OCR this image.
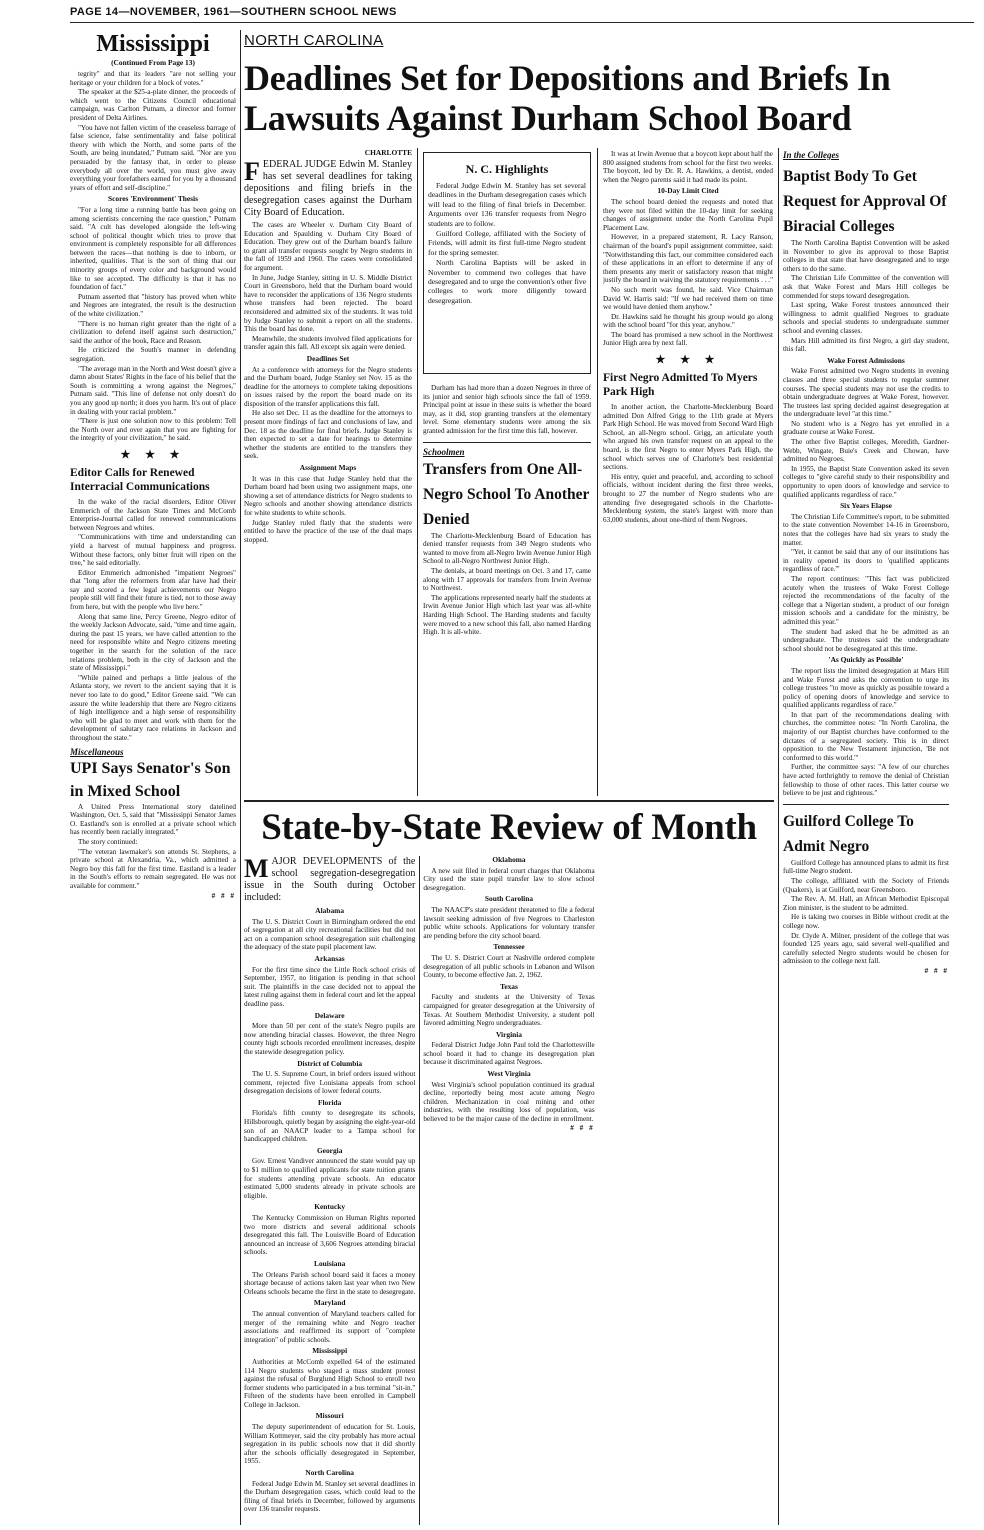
PAGE 14—NOVEMBER, 1961—SOUTHERN SCHOOL NEWS
Mississippi
(Continued From Page 13)

tegrity" and that its leaders "are not selling your heritage or your children for a block of votes."

The speaker at the $25-a-plate dinner, the proceeds of which went to the Citizens Council educational campaign, was Carlton Putnam, a director and former president of Delta Airlines.

"You have not fallen victim of the ceaseless barrage of false science, false sentimentality and false political theory with which the North, and some parts of the South, are being inundated," Putnam said. "Nor are you persuaded by the fantasy that, in order to please everybody all over the world, you must give away everything your forefathers earned for you by a thousand years of effort and self-discipline."

Scores 'Environment' Thesis

"For a long time a running battle has been going on among scientists concerning the race question," Putnam said. "A cult has developed alongside the left-wing school of political thought which tries to prove that environment is completely responsible for all differences between the races—that nothing is due to inborn, or inherited, qualities. That is the sort of thing that our minority groups of every color and background would like to see accepted. The difficulty is that it has no foundation of fact."

Putnam asserted that "history has proved when white and Negroes are integrated, the result is the destruction of the white civilization."

"There is no human right greater than the right of a civilization to defend itself against such destruction," said the author of the book, Race and Reason.

He criticized the South's manner in defending segregation.

"The average man in the North and West doesn't give a damn about States' Rights in the face of his belief that the South is committing a wrong against the Negroes," Putnam said. "This line of defense not only doesn't do you any good up north; it does you harm. It's out of place in dealing with your racial problem."

"There is just one solution now to this problem: Tell the North over and over again that you are fighting for the integrity of your civilization," he said.

★ ★ ★
Editor Calls for Renewed Interracial Communications

In the wake of the racial disorders, Editor Oliver Emmerich of the Jackson State Times and McComb Enterprise-Journal called for renewed communications between Negroes and whites.

"Communications with time and understanding can yield a harvest of mutual happiness and progress. Without these factors, only bitter fruit will ripen on the tree," he said editorially.

Editor Emmerich admonished "impatient Negroes" that "long after the reformers from afar have had their say and scored a few legal achievements our Negro people still will find their future is tied, not to those away from here, but with the people who live here."

Along that same line, Percy Greene, Negro editor of the weekly Jackson Advocate, said, "time and time again, during the past 15 years, we have called attention to the need for responsible white and Negro citizens meeting together in the search for the solution of the race relations problem, both in the city of Jackson and the state of Mississippi."

"While pained and perhaps a little jealous of the Atlanta story, we revert to the ancient saying that it is never too late to do good," Editor Greene said. "We can assure the white leadership that there are Negro citizens of high intelligence and a high sense of responsibility who will be glad to meet and work with them for the development of salutary race relations in Jackson and throughout the state."

Miscellaneous
UPI Says Senator's Son in Mixed School

A United Press International story datelined Washington, Oct. 5, said that "Mississippi Senator James O. Eastland's son is enrolled at a private school which has recently been racially integrated."

The story continued:

"The veteran lawmaker's son attends St. Stephens, a private school at Alexandria, Va., which admitted a Negro boy this fall for the first time. Eastland is a leader in the South's efforts to remain segregated. He was not available for comment."

# # #
NORTH CAROLINA
Deadlines Set for Depositions and Briefs In Lawsuits Against Durham School Board
CHARLOTTE
F EDERAL JUDGE Edwin M. Stanley has set several deadlines for taking depositions and filing briefs in the desegregation cases against the Durham City Board of Education.

The cases are Wheeler v. Durham City Board of Education and Spaulding v. Durham City Board of Education. They grew out of the Durham board's failure to grant all transfer requests sought by Negro students in the fall of 1959 and 1960. The cases were consolidated for argument.

In June, Judge Stanley, sitting in U. S. Middle District Court in Greensboro, held that the Durham board would have to reconsider the applications of 136 Negro students whose transfers had been rejected. The board reconsidered and admitted six of the students. It was told by Judge Stanley to submit a report on all the students. This the board has done.

Meanwhile, the students involved filed applications for transfer again this fall. All except six again were denied.

Deadlines Set

At a conference with attorneys for the Negro students and the Durham board, Judge Stanley set Nov. 15 as the deadline for the attorneys to complete taking depositions on issues raised by the report the board made on its disposition of the transfer applications this fall.

He also set Dec. 11 as the deadline for the attorneys to present more findings of fact and conclusions of law, and Dec. 18 as the deadline for final briefs. Judge Stanley is then expected to set a date for hearings to determine whether the students are entitled to the transfers they seek.

Assignment Maps

It was in this case that Judge Stanley held that the Durham board had been using two assignment maps, one showing a set of attendance districts for Negro students to Negro schools and another showing attendance districts for white students to white schools.

Judge Stanley ruled flatly that the students were entitled to have the practice of the use of the dual maps stopped.

N. C. Highlights

Federal Judge Edwin M. Stanley has set several deadlines in the Durham desegregation cases which will lead to the filing of final briefs in December. Arguments over 136 transfer requests from Negro students are to follow.

Guilford College, affiliated with the Society of Friends, will admit its first full-time Negro student for the spring semester.

North Carolina Baptists will be asked in November to commend two colleges that have desegregated and to urge the convention's other five colleges to work more diligently toward desegregation.

Durham has had more than a dozen Negroes in three of its junior and senior high schools since the fall of 1959. Principal point at issue in these suits is whether the board may, as it did, stop granting transfers at the elementary level. Some elementary students were among the six granted admission for the first time this fall, however.

Schoolmen
Transfers from One All-Negro School To Another Denied

The Charlotte-Mecklenburg Board of Education has denied transfer requests from 349 Negro students who wanted to move from all-Negro Irwin Avenue Junior High School to all-Negro Northwest Junior High.

The denials, at board meetings on Oct. 3 and 17, came along with 17 approvals for transfers from Irwin Avenue to Northwest.

The applications represented nearly half the students at Irwin Avenue Junior High which last year was all-white Harding High School. The Harding students and faculty were moved to a new school this fall, also named Harding High. It is all-white.

It was at Irwin Avenue that a boycott kept about half the 800 assigned students from school for the first two weeks. The boycott, led by Dr. R. A. Hawkins, a dentist, ended when the Negro parents said it had made its point.

10-Day Limit Cited

The school board denied the requests and noted that they were not filed within the 10-day limit for seeking changes of assignment under the North Carolina Pupil Placement Law.

However, in a prepared statement, R. Lacy Ranson, chairman of the board's pupil assignment committee, said: "Notwithstanding this fact, our committee considered each of these applications in an effort to determine if any of them presents any merit or satisfactory reason that might justify the board in waiving the statutory requirements . . ."

No such merit was found, he said. Vice Chairman David W. Harris said: "If we had received them on time we would have denied them anyhow."

Dr. Hawkins said he thought his group would go along with the school board "for this year, anyhow."

The board has promised a new school in the Northwest Junior High area by next fall.

★ ★ ★
First Negro Admitted To Myers Park High

In another action, the Charlotte-Mecklenburg Board admitted Don Alfred Grigg to the 11th grade at Myers Park High School. He was moved from Second Ward High School, an all-Negro school. Grigg, an articulate youth who argued his own transfer request on an appeal to the board, is the first Negro to enter Myers Park High, the school which serves one of Charlotte's best residential sections.

His entry, quiet and peaceful, and, according to school officials, without incident during the first three weeks, brought to 27 the number of Negro students who are attending five desegregated schools in the Charlotte-Mecklenburg system, the state's largest with more than 63,000 students, about one-third of them Negroes.

In the Colleges
Baptist Body To Get Request for Approval Of Biracial Colleges

The North Carolina Baptist Convention will be asked in November to give its approval to those Baptist colleges in that state that have desegregated and to urge others to do the same.

The Christian Life Committee of the convention will ask that Wake Forest and Mars Hill colleges be commended for steps toward desegregation.

Last spring, Wake Forest trustees announced their willingness to admit qualified Negroes to graduate schools and special students to undergraduate summer school and evening classes.

Mars Hill admitted its first Negro, a girl day student, this fall.

Wake Forest Admissions

Wake Forest admitted two Negro students in evening classes and three special students to regular summer courses. The special students may not use the credits to obtain undergraduate degrees at Wake Forest, however. The trustees last spring decided against desegregation at the undergraduate level "at this time."

No student who is a Negro has yet enrolled in a graduate course at Wake Forest.

The other five Baptist colleges, Meredith, Gardner-Webb, Wingate, Buie's Creek and Chowan, have admitted no Negroes.

In 1955, the Baptist State Convention asked its seven colleges to "give careful study to their responsibility and opportunity to open doors of knowledge and service to qualified applicants regardless of race."

Six Years Elapse

The Christian Life Committee's report, to be submitted to the state convention November 14-16 in Greensboro, notes that the colleges have had six years to study the matter.

"Yet, it cannot be said that any of our institutions has in reality opened its doors to 'qualified applicants regardless of race.'"

The report continues: "This fact was publicized acutely when the trustees of Wake Forest College rejected the recommendations of the faculty of the college that a Nigerian student, a product of our foreign mission schools and a candidate for the ministry, be admitted this year."

The student had asked that he be admitted as an undergraduate. The trustees said the undergraduate school should not be desegregated at this time.

'As Quickly as Possible'

The report lists the limited desegregation at Mars Hill and Wake Forest and asks the convention to urge its college trustees "to move as quickly as possible toward a policy of opening doors of knowledge and service to qualified applicants regardless of race."

In that part of the recommendations dealing with churches, the committee notes: "In North Carolina, the majority of our Baptist churches have conformed to the dictates of a segregated society. This is in direct opposition to the New Testament injunction, 'Be not conformed to this world.'"

Further, the committee says: "A few of our churches have acted forthrightly to remove the denial of Christian fellowship to those of other races. This latter course we believe to be just and righteous."

Guilford College To Admit Negro

Guilford College has announced plans to admit its first full-time Negro student.

The college, affiliated with the Society of Friends (Quakers), is at Guilford, near Greensboro.

The Rev. A. M. Hall, an African Methodist Episcopal Zion minister, is the student to be admitted.

He is taking two courses in Bible without credit at the college now.

Dr. Clyde A. Milner, president of the college that was founded 125 years ago, said several well-qualified and carefully selected Negro students would be chosen for admission to the college next fall.

# # #
State-by-State Review of Month
M AJOR DEVELOPMENTS of the school segregation-desegregation issue in the South during October included:
Alabama

The U. S. District Court in Birmingham ordered the end of segregation at all city recreational facilities but did not act on a companion school desegregation suit challenging the adequacy of the state pupil placement law.

Arkansas

For the first time since the Little Rock school crisis of September, 1957, no litigation is pending in that school suit. The plaintiffs in the case decided not to appeal the latest ruling against them in federal court and let the appeal deadline pass.

Delaware

More than 50 per cent of the state's Negro pupils are now attending biracial classes. However, the three Negro county high schools recorded enrollment increases, despite the statewide desegregation policy.

District of Columbia

The U. S. Supreme Court, in brief orders issued without comment, rejected five Louisiana appeals from school desegregation decisions of lower federal courts.

Florida

Florida's fifth county to desegregate its schools, Hillsborough, quietly began by assigning the eight-year-old son of an NAACP leader to a Tampa school for handicapped children.

Georgia

Gov. Ernest Vandiver announced the state would pay up to $1 million to qualified applicants for state tuition grants for students attending private schools. An educator estimated 5,000 students already in private schools are eligible.

Kentucky

The Kentucky Commission on Human Rights reported two more districts and several additional schools desegregated this fall. The Louisville Board of Education announced an increase of 3,606 Negroes attending biracial schools.

Louisiana

The Orleans Parish school board said it faces a money shortage because of actions taken last year when two New Orleans schools became the first in the state to desegregate.

Maryland

The annual convention of Maryland teachers called for merger of the remaining white and Negro teacher associations and reaffirmed its support of "complete integration" of public schools.

Mississippi

Authorities at McComb expelled 64 of the estimated 114 Negro students who staged a mass student protest against the refusal of Burglund High School to enroll two former students who participated in a bus terminal "sit-in." Fifteen of the students have been enrolled in Campbell College in Jackson.

Missouri

The deputy superintendent of education for St. Louis, William Kottmeyer, said the city probably has more actual segregation in its public schools now that it did shortly after the schools officially desegregated in September, 1955.

North Carolina

Federal Judge Edwin M. Stanley set several deadlines in the Durham desegregation cases, which could lead to the filing of final briefs in December, followed by arguments over 136 transfer requests.

Oklahoma

A new suit filed in federal court charges that Oklahoma City used the state pupil transfer law to slow school desegregation.

South Carolina

The NAACP's state president threatened to file a federal lawsuit seeking admission of five Negroes to Charleston public white schools. Applications for voluntary transfer are pending before the city school board.

Tennessee

The U. S. District Court at Nashville ordered complete desegregation of all public schools in Lebanon and Wilson County, to become effective Jan. 2, 1962.

Texas

Faculty and students at the University of Texas campaigned for greater desegregation at the University of Texas. At Southern Methodist University, a student poll favored admitting Negro undergraduates.

Virginia

Federal District Judge John Paul told the Charlottesville school board it had to change its desegregation plan because it discriminated against Negroes.

West Virginia

West Virginia's school population continued its gradual decline, reportedly being most acute among Negro children. Mechanization in coal mining and other industries, with the resulting loss of population, was believed to be the major cause of the decline in enrollment.

# # #
